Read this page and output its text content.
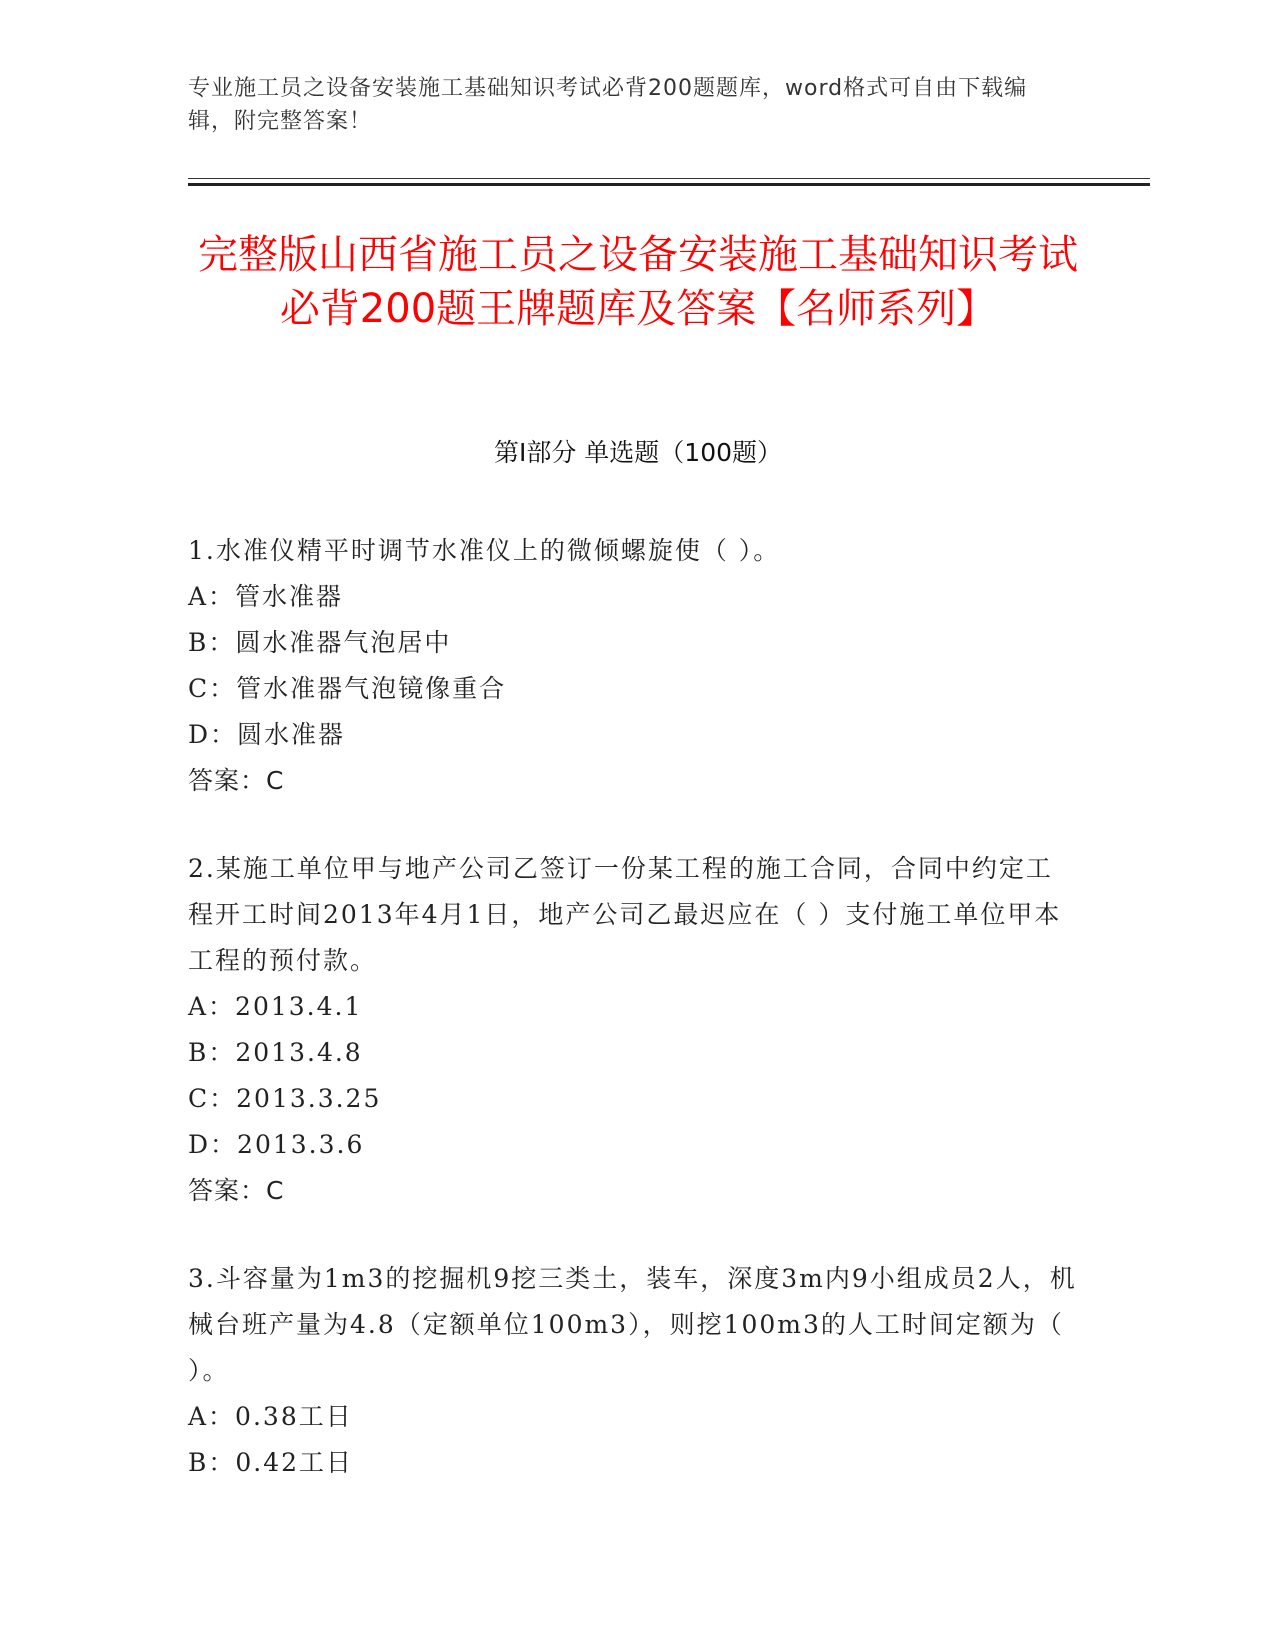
专业施工员之设备安装施工基础知识考试必背200题题库，word格式可自由下载编辑，附完整答案！
完整版山西省施工员之设备安装施工基础知识考试必背200题王牌题库及答案【名师系列】
第I部分 单选题（100题）

1.水准仪精平时调节水准仪上的微倾螺旋使（ ）。

A：管水准器

B：圆水准器气泡居中

C：管水准器气泡镜像重合

D：圆水准器

答案：C

2.某施工单位甲与地产公司乙签订一份某工程的施工合同，合同中约定工程开工时间2013年4月1日，地产公司乙最迟应在（ ）支付施工单位甲本工程的预付款。

A：2013.4.1

B：2013.4.8

C：2013.3.25

D：2013.3.6

答案：C

3.斗容量为1m3的挖掘机9挖三类土，装车，深度3m内9小组成员2人，机械台班产量为4.8（定额单位100m3），则挖100m3的人工时间定额为（ ）。

A：0.38工日

B：0.42工日
